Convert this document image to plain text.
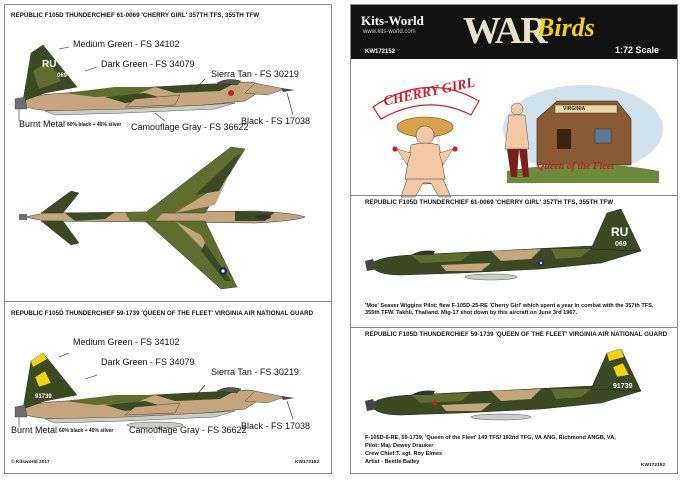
REPUBLIC F105D THUNDERCHIEF 61-0069 'CHERRY GIRL' 357TH TFS, 355TH TFW
RU
069
Medium Green - FS 34102
Dark Green - FS 34079
Sierra Tan - FS 30219
Burnt Metal 60% black + 40% silver Camouflage Gray - FS 36622
Black - FS 17038
REPUBLIC F105D THUNDERCHIEF 59-1739 'QUEEN OF THE FLEET' VIRGINIA AIR NATIONAL GUARD
91739
Medium Green - FS 34102
Dark Green - FS 34079
Sierra Tan - FS 30219
Burnt Metal 60% black + 40% silver Camouflage Gray - FS 36622
Black - FS 17038
© Kitsworld 2017	KW172152
Kits-World
www.kits-world.com WAR
Birds
KW172152	1:72 Scale
CHERRY GIRL	VIRGINIA
Queen of the Fleet
REPUBLIC F105D THUNDERCHIEF 61-0069 'CHERRY GIRL' 357TH TFS, 355TH TFW
RU
069
'Moe' Seaver Wiggins Pilot: flew F-105D-25-RE 'Cherry Girl' which spent a year in combat with the 357th TFS, 355th TFW. Takhli, Thailand. Mig-17 shot down by this aircraft on June 3rd 1967.
REPUBLIC F105D THUNDERCHIEF 59-1739 'QUEEN OF THE FLEET' VIRGINIA AIR NATIONAL GUARD
91739
F-105D-6-RE, 59-1739, 'Queen of the Fleet' 149 TFS/ 192nd TFG, VA ANG, Richmond ANGB, VA,
Pilot: Maj. Dewey Drauker
Crew Chief:T. sgt. Roy Elmes
Artist - Beetle Bailey
KW172152
